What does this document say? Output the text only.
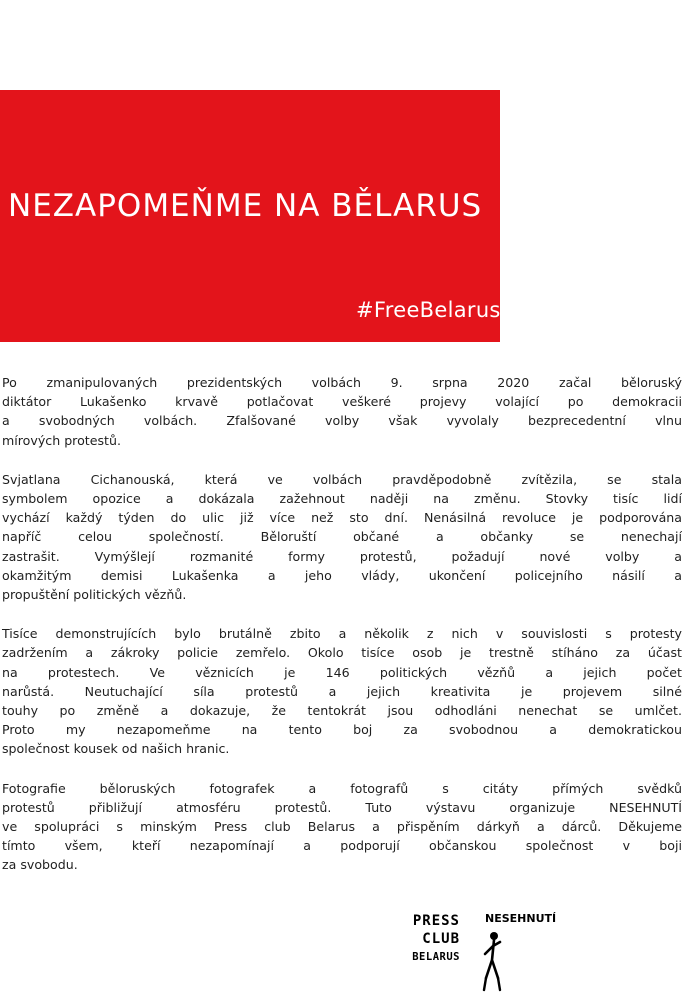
NEZAPOMEŇME NA BĚLARUS
#FreeBelarus

Po zmanipulovaných prezidentských volbách 9. srpna 2020 začal běloruský
diktátor Lukašenko krvavě potlačovat veškeré projevy volající po demokracii
a svobodných volbách. Zfalšované volby však vyvolaly bezprecedentní vlnu
mírových protestů.

Svjatlana Cichanouská, která ve volbách pravděpodobně zvítězila, se stala
symbolem opozice a dokázala zažehnout naději na změnu. Stovky tisíc lidí
vychází každý týden do ulic již více než sto dní. Nenásilná revoluce je podporována
napříč celou společností. Běloruští občané a občanky se nenechají
zastrašit. Vymýšlejí rozmanité formy protestů, požadují nové volby a
okamžitým demisi Lukašenka a jeho vlády, ukončení policejního násilí a
propuštění politických vězňů.

Tisíce demonstrujících bylo brutálně zbito a několik z nich v souvislosti s protesty
zadržením a zákroky policie zemřelo. Okolo tisíce osob je trestně stíháno za účast
na protestech. Ve věznicích je 146 politických vězňů a jejich počet
narůstá. Neutuchající síla protestů a jejich kreativita je projevem silné
touhy po změně a dokazuje, že tentokrát jsou odhodláni nenechat se umlčet.
Proto my nezapomeňme na tento boj za svobodnou a demokratickou
společnost kousek od našich hranic.

Fotografie běloruských fotografek a fotografů s citáty přímých svědků
protestů přibližují atmosféru protestů. Tuto výstavu organizuje NESEHNUTÍ
ve spolupráci s minským Press club Belarus a přispěním dárkyň a dárců. Děkujeme
tímto všem, kteří nezapomínají a podporují občanskou společnost v boji
za svobodu.

PRESS
CLUB
BELARUS
NESEHNUTÍ
